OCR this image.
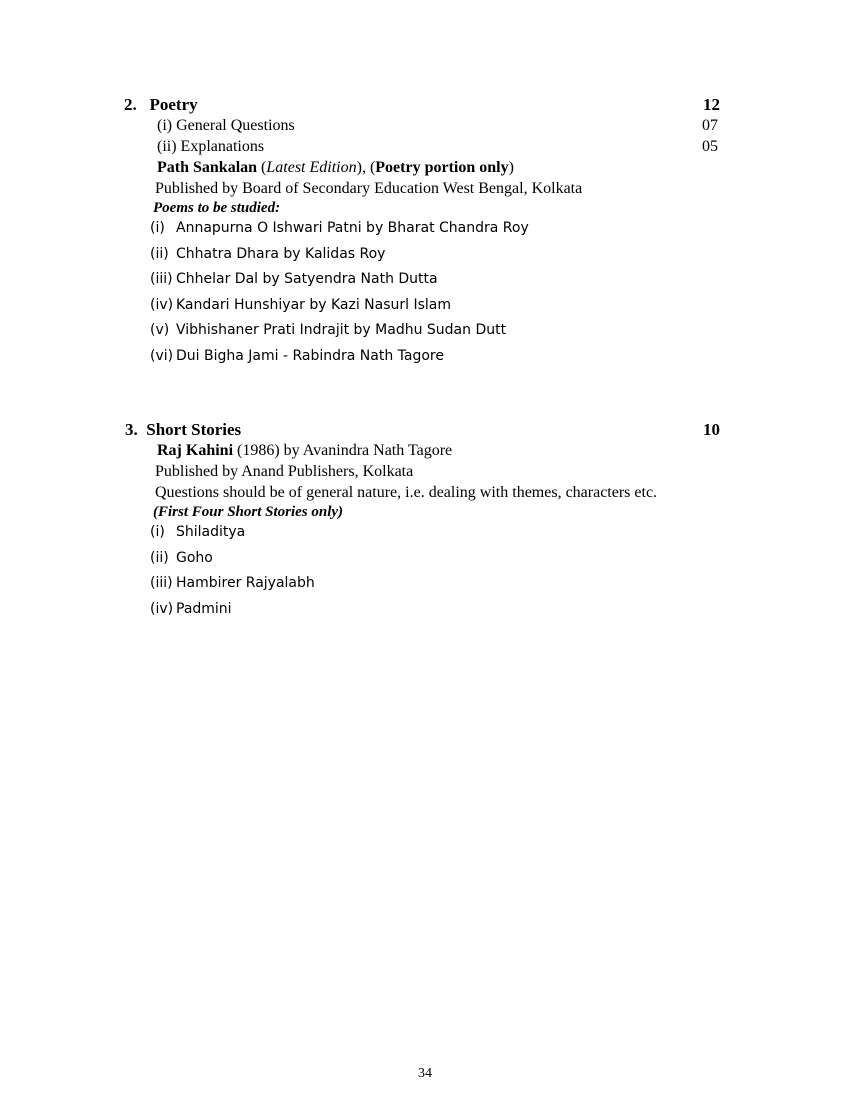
2. Poetry	12
(i) General Questions	07
(ii) Explanations	05
Path Sankalan (Latest Edition), (Poetry portion only)
Published by Board of Secondary Education West Bengal, Kolkata
Poems to be studied:
(i) Annapurna O Ishwari Patni by Bharat Chandra Roy
(ii) Chhatra Dhara by Kalidas Roy
(iii) Chhelar Dal by Satyendra Nath Dutta
(iv) Kandari Hunshiyar by Kazi Nasurl Islam
(v) Vibhishaner Prati Indrajit by Madhu Sudan Dutt
(vi) Dui Bigha Jami - Rabindra Nath Tagore
3. Short Stories	10
Raj Kahini (1986) by Avanindra Nath Tagore
Published by Anand Publishers, Kolkata
Questions should be of general nature, i.e. dealing with themes, characters etc.
(First Four Short Stories only)
(i) Shiladitya
(ii) Goho
(iii) Hambirer Rajyalabh
(iv) Padmini
34
